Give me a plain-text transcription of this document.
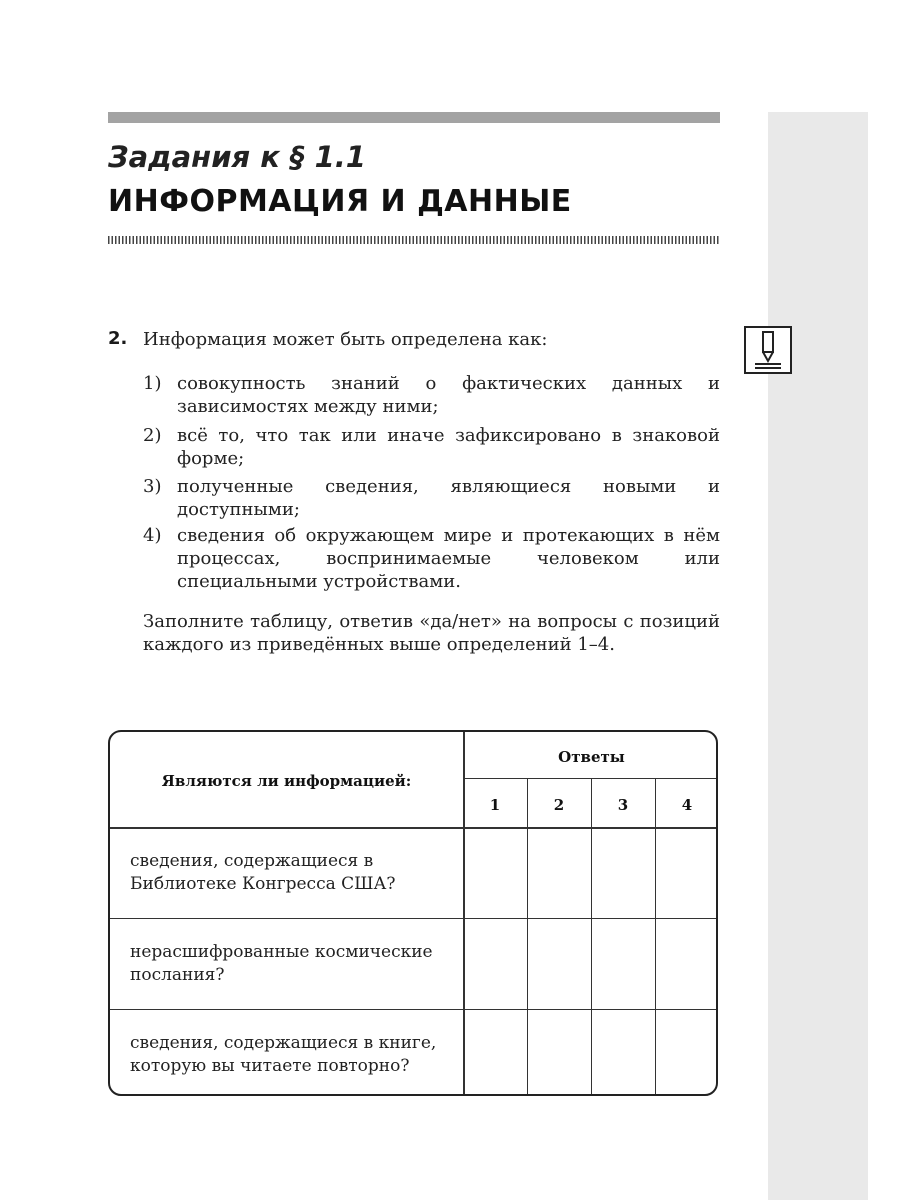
Задания к § 1.1
ИНФОРМАЦИЯ И ДАННЫЕ
2. Информация может быть определена как:
1) совокупность знаний о фактических данных и зависимостях между ними;
2) всё то, что так или иначе зафиксировано в знаковой форме;
3) полученные сведения, являющиеся новыми и доступными;
4) сведения об окружающем мире и протекающих в нём процессах, воспринимаемые человеком или специальными устройствами.
Заполните таблицу, ответив «да/нет» на вопросы с позиций каждого из приведённых выше определений 1–4.
Являются ли информацией:
Ответы
1	2	3	4
сведения, содержащиеся в Библиотеке Конгресса США?
нерасшифрованные космические послания?
сведения, содержащиеся в книге, которую вы читаете повторно?
